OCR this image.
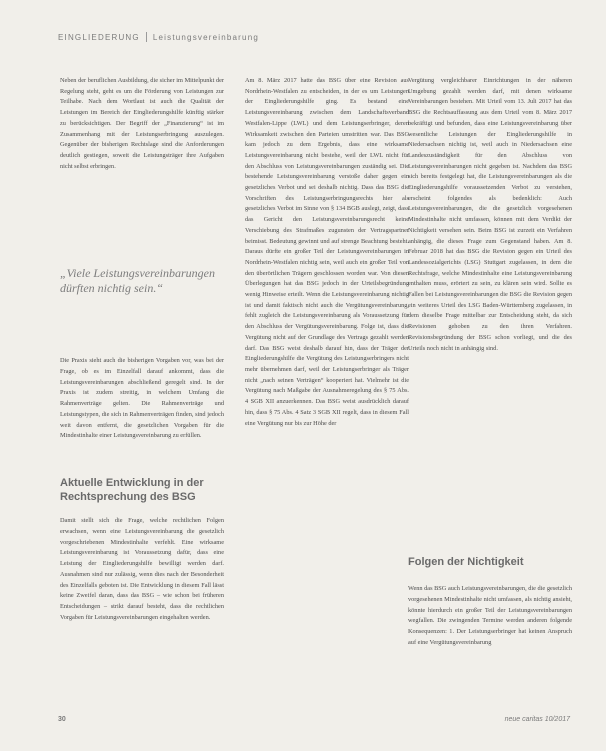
EINGLIEDERUNG Leistungsvereinbarung

Neben der beruflichen Ausbildung, die sicher im Mittelpunkt der Regelung steht, geht es um die Förderung von Leistungen zur Teilhabe. Nach dem Wortlaut ist auch die Qualität der Leistungen im Bereich der Eingliederungshilfe künftig stärker zu berücksichtigen. Der Begriff der „Finanzierung“ ist im Zusammenhang mit der Leistungserbringung auszulegen. Gegenüber der bisherigen Rechtslage sind die Anforderungen deutlich gestiegen, soweit die Leistungsträger ihre Aufgaben nicht selbst erbringen.

„Viele Leistungsvereinbarungen dürften nichtig sein.“

Die Praxis sieht auch die bisherigen Vorgaben vor, was bei der Frage, ob es im Einzelfall darauf ankommt, dass die Leistungsvereinbarungen abschließend geregelt sind. In der Praxis ist zudem streitig, in welchem Umfang die Rahmenverträge gelten. Die Rahmenverträge und Leistungstypen, die sich in Rahmenverträgen finden, sind jedoch weit davon entfernt, die gesetzlichen Vorgaben für die Mindestinhalte einer Leistungsvereinbarung zu erfüllen.

Aktuelle Entwicklung in der Rechtsprechung des BSG

Damit stellt sich die Frage, welche rechtlichen Folgen erwachsen, wenn eine Leistungsvereinbarung die gesetzlich vorgeschriebenen Mindestinhalte verfehlt. Eine wirksame Leistungsvereinbarung ist Voraussetzung dafür, dass eine Leistung der Eingliederungshilfe bewilligt werden darf. Ausnahmen sind nur zulässig, wenn dies nach der Besonderheit des Einzelfalls geboten ist. Die Entwicklung in diesem Fall lässt keine Zweifel daran, dass das BSG – wie schon bei früheren Entscheidungen – strikt darauf besteht, dass die rechtlichen Vorgaben für Leistungsvereinbarungen eingehalten werden.

Am 8. März 2017 hatte das BSG über eine Revision aus Nordrhein-Westfalen zu entscheiden, in der es um Leistungen der Eingliederungshilfe ging. Es bestand eine Leistungsvereinbarung zwischen dem Landschaftsverband Westfalen-Lippe (LWL) und dem Leistungserbringer, deren Wirksamkeit zwischen den Parteien umstritten war. Das BSG kam jedoch zu dem Ergebnis, dass eine wirksame Leistungsvereinbarung nicht bestehe, weil der LWL nicht für den Abschluss von Leistungsvereinbarungen zuständig sei. Die bestehende Leistungsvereinbarung verstoße daher gegen ein gesetzliches Verbot und sei deshalb nichtig. Dass das BSG die Vorschriften des Leistungserbringungsrechts hier als gesetzliches Verbot im Sinne von § 134 BGB auslegt, zeigt, dass das Gericht den Leistungsvereinbarungsrecht keine Verschiebung des Strafmaßes zugunsten der Vertragspartner beimisst. Bedeutung gewinnt und auf strenge Beachtung besteht. Daraus dürfte ein großer Teil der Leistungsvereinbarungen in Nordrhein-Westfalen nichtig sein, weil auch ein großer Teil von den überörtlichen Trägern geschlossen worden war. Von diesen Überlegungen hat das BSG jedoch in der Urteilsbegründung wenig Hinweise erteilt. Wenn die Leistungsvereinbarung nichtig ist und damit faktisch nicht auch die Vergütungsvereinbarung, fehlt zugleich die Leistungsvereinbarung als Voraussetzung für den Abschluss der Vergütungsvereinbarung. Folge ist, dass die Vergütung nicht auf der Grundlage des Vertrags gezahlt werden darf. Das BSG weist deshalb darauf hin, dass der Träger der Eingliederungshilfe die Vergütung des Leistungserbringers nicht mehr übernehmen darf, weil der Leistungserbringer als Träger nicht „nach seinen Verträgen“ kooperiert hat. Vielmehr ist die Vergütung nach Maßgabe der Ausnahmeregelung des § 75 Abs. 4 SGB XII anzuerkennen. Das BSG weist ausdrücklich darauf hin, dass § 75 Abs. 4 Satz 3 SGB XII regelt, dass in diesem Fall eine Vergütung nur bis zur Höhe der

Vergütung vergleichbarer Einrichtungen in der näheren Umgebung gezahlt werden darf, mit denen wirksame Vereinbarungen bestehen. Mit Urteil vom 13. Juli 2017 hat das BSG die Rechtsauffassung aus dem Urteil vom 8. März 2017 bekräftigt und befunden, dass eine Leistungsvereinbarung über wesentliche Leistungen der Eingliederungshilfe in Niedersachsen nichtig ist, weil auch in Niedersachsen eine Landeszuständigkeit für den Abschluss von Leistungsvereinbarungen nicht gegeben ist. Nachdem das BSG sich bereits festgelegt hat, die Leistungsvereinbarungen als die Eingliederungshilfe voraussetzenden Verbot zu verstehen, erscheint folgendes als bedenklich: Auch Leistungsvereinbarungen, die die gesetzlich vorgesehenen Mindestinhalte nicht umfassen, können mit dem Verdikt der Nichtigkeit versehen sein. Beim BSG ist zurzeit ein Verfahren anhängig, die dieses Frage zum Gegenstand haben. Am 8. Februar 2018 hat das BSG die Revision gegen ein Urteil des Landessozialgerichts (LSG) Stuttgart zugelassen, in dem die Rechtsfrage, welche Mindestinhalte eine Leistungsvereinbarung enthalten muss, erörtert zu sein, zu klären sein wird. Sollte es Fallen bei Leistungsvereinbarungen die BSG die Revision gegen ein weiteres Urteil des LSG Baden-Württemberg zugelassen, in dem dieselbe Frage mittelbar zur Entscheidung steht, da sich Revisionen gehoben zu den ihren Verfahren. Revisionsbegründung der BSG schon vorliegt, und die des Urteils noch nicht in anhängig sind.

Folgen der Nichtigkeit

Wenn das BSG auch Leistungsvereinbarungen, die die gesetzlich vorgesehenen Mindestinhalte nicht umfassen, als nichtig ansieht, könnte hierdurch ein großer Teil der Leistungsvereinbarungen wegfallen. Die zwingenden Termine werden anderen folgende Konsequenzen: 1. Der Leistungserbringer hat keinen Anspruch auf eine Vergütungsvereinbarung

30	neue caritas 10/2017
